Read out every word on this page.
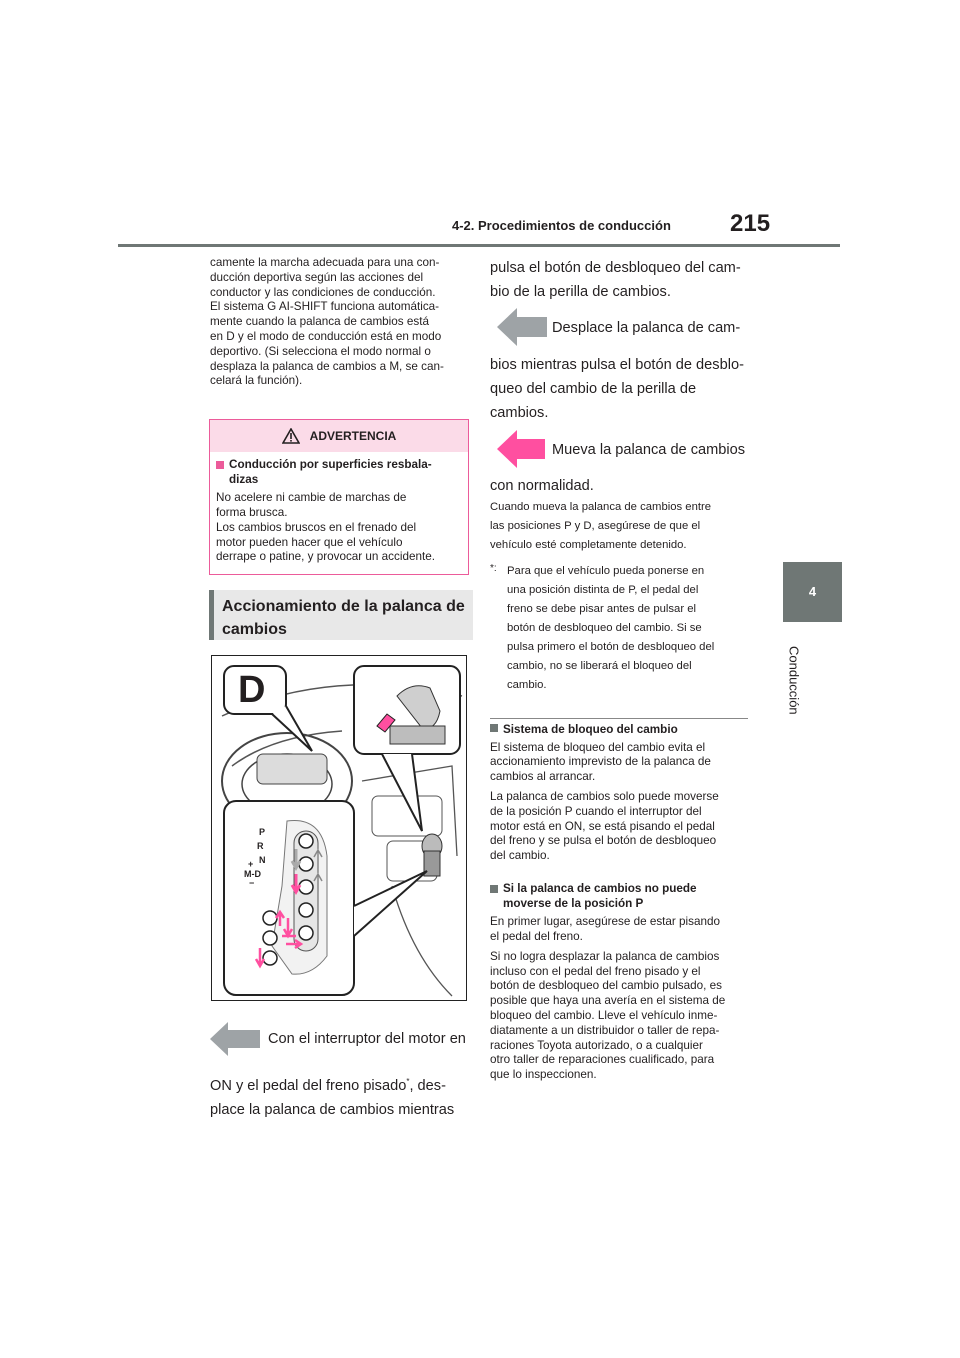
4-2. Procedimientos de conducción 215
4
Conducción
camente la marcha adecuada para una con-
ducción deportiva según las acciones del
conductor y las condiciones de conducción.
El sistema G AI-SHIFT funciona automática-
mente cuando la palanca de cambios está
en D y el modo de conducción está en modo
deportivo. (Si selecciona el modo normal o
desplaza la palanca de cambios a M, se can-
celará la función).
ADVERTENCIA
Conducción por superficies resbala-
dizas
No acelere ni cambie de marchas de
forma brusca.
Los cambios bruscos en el frenado del
motor pueden hacer que el vehículo
derrape o patine, y provocar un accidente.
Accionamiento de la palanca de
cambios
D
P
R
N
+
M-D
−
Con el interruptor del motor en
ON y el pedal del freno pisado*, des-
place la palanca de cambios mientras
pulsa el botón de desbloqueo del cam-
bio de la perilla de cambios.
Desplace la palanca de cam-
bios mientras pulsa el botón de desblo-
queo del cambio de la perilla de
cambios.
Mueva la palanca de cambios
con normalidad.
Cuando mueva la palanca de cambios entre
las posiciones P y D, asegúrese de que el
vehículo esté completamente detenido.
*: Para que el vehículo pueda ponerse en
una posición distinta de P, el pedal del
freno se debe pisar antes de pulsar el
botón de desbloqueo del cambio. Si se
pulsa primero el botón de desbloqueo del
cambio, no se liberará el bloqueo del
cambio.
Sistema de bloqueo del cambio
El sistema de bloqueo del cambio evita el
accionamiento imprevisto de la palanca de
cambios al arrancar.
La palanca de cambios solo puede moverse
de la posición P cuando el interruptor del
motor está en ON, se está pisando el pedal
del freno y se pulsa el botón de desbloqueo
del cambio.
Si la palanca de cambios no puede
moverse de la posición P
En primer lugar, asegúrese de estar pisando
el pedal del freno.
Si no logra desplazar la palanca de cambios
incluso con el pedal del freno pisado y el
botón de desbloqueo del cambio pulsado, es
posible que haya una avería en el sistema de
bloqueo del cambio. Lleve el vehículo inme-
diatamente a un distribuidor o taller de repa-
raciones Toyota autorizado, o a cualquier
otro taller de reparaciones cualificado, para
que lo inspeccionen.
